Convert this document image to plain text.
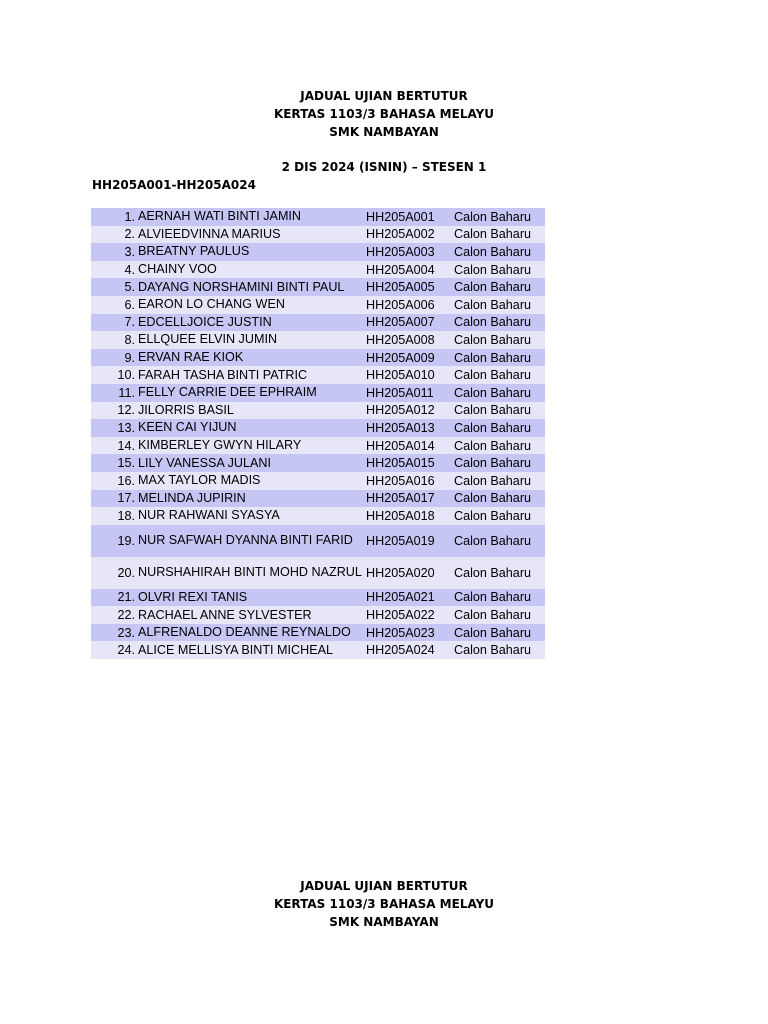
JADUAL UJIAN BERTUTUR
KERTAS 1103/3 BAHASA MELAYU
SMK NAMBAYAN
2 DIS 2024 (ISNIN) – STESEN 1
HH205A001-HH205A024
1. AERNAH WATI BINTI JAMIN	HH205A001	Calon Baharu
2. ALVIEEDVINNA MARIUS	HH205A002	Calon Baharu
3. BREATNY PAULUS	HH205A003	Calon Baharu
4. CHAINY VOO	HH205A004	Calon Baharu
5. DAYANG NORSHAMINI BINTI PAUL	HH205A005	Calon Baharu
6. EARON LO CHANG WEN	HH205A006	Calon Baharu
7. EDCELLJOICE JUSTIN	HH205A007	Calon Baharu
8. ELLQUEE ELVIN JUMIN	HH205A008	Calon Baharu
9. ERVAN RAE KIOK	HH205A009	Calon Baharu
10. FARAH TASHA BINTI PATRIC	HH205A010	Calon Baharu
11. FELLY CARRIE DEE EPHRAIM	HH205A011	Calon Baharu
12. JILORRIS BASIL	HH205A012	Calon Baharu
13. KEEN CAI YIJUN	HH205A013	Calon Baharu
14. KIMBERLEY GWYN HILARY	HH205A014	Calon Baharu
15. LILY VANESSA JULANI	HH205A015	Calon Baharu
16. MAX TAYLOR MADIS	HH205A016	Calon Baharu
17. MELINDA JUPIRIN	HH205A017	Calon Baharu
18. NUR RAHWANI SYASYA	HH205A018	Calon Baharu
19. NUR SAFWAH DYANNA BINTI FARID	HH205A019	Calon Baharu
20. NURSHAHIRAH BINTI MOHD NAZRUL HH205A020	Calon Baharu
21. OLVRI REXI TANIS	HH205A021	Calon Baharu
22. RACHAEL ANNE SYLVESTER	HH205A022	Calon Baharu
23. ALFRENALDO DEANNE REYNALDO	HH205A023	Calon Baharu
24. ALICE MELLISYA BINTI MICHEAL	HH205A024	Calon Baharu
JADUAL UJIAN BERTUTUR
KERTAS 1103/3 BAHASA MELAYU
SMK NAMBAYAN
